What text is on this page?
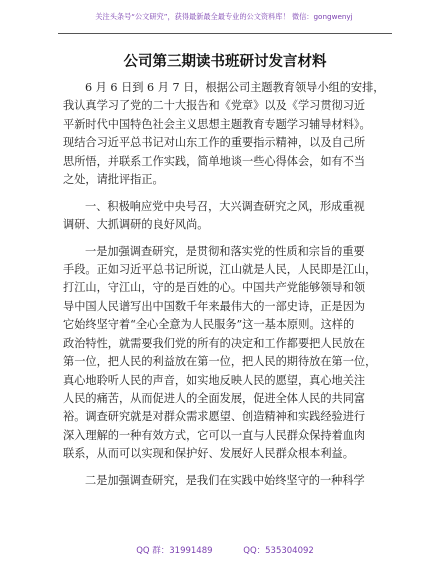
关注头条号“公文研究”，获得最新最全最专业的公文资料库！ 微信：gongwenyj
公司第三期读书班研讨发言材料
6 月 6 日到 6 月 7 日，根据公司主题教育领导小组的安排，
我认真学习了党的二十大报告和《党章》以及《学习贯彻习近
平新时代中国特色社会主义思想主题教育专题学习辅导材料》。
现结合习近平总书记对山东工作的重要指示精神，以及自己所
思所悟，并联系工作实践，简单地谈一些心得体会，如有不当
之处，请批评指正。
一、积极响应党中央号召，大兴调查研究之风，形成重视
调研、大抓调研的良好风尚。
一是加强调查研究，是贯彻和落实党的性质和宗旨的重要
手段。正如习近平总书记所说，江山就是人民，人民即是江山，
打江山，守江山，守的是百姓的心。中国共产党能够领导和领
导中国人民谱写出中国数千年来最伟大的一部史诗，正是因为
它始终坚守着“全心全意为人民服务”这一基本原则。这样的
政治特性，就需要我们党的所有的决定和工作都要把人民放在
第一位，把人民的利益放在第一位，把人民的期待放在第一位，
真心地聆听人民的声音，如实地反映人民的愿望，真心地关注
人民的痛苦，从而促进人的全面发展，促进全体人民的共同富
裕。调查研究就是对群众需求愿望、创造精神和实践经验进行
深入理解的一种有效方式，它可以一直与人民群众保持着血肉
联系，从而可以实现和保护好、发展好人民群众根本利益。
二是加强调查研究，是我们在实践中始终坚守的一种科学
QQ 群：31991489	QQ：535304092
